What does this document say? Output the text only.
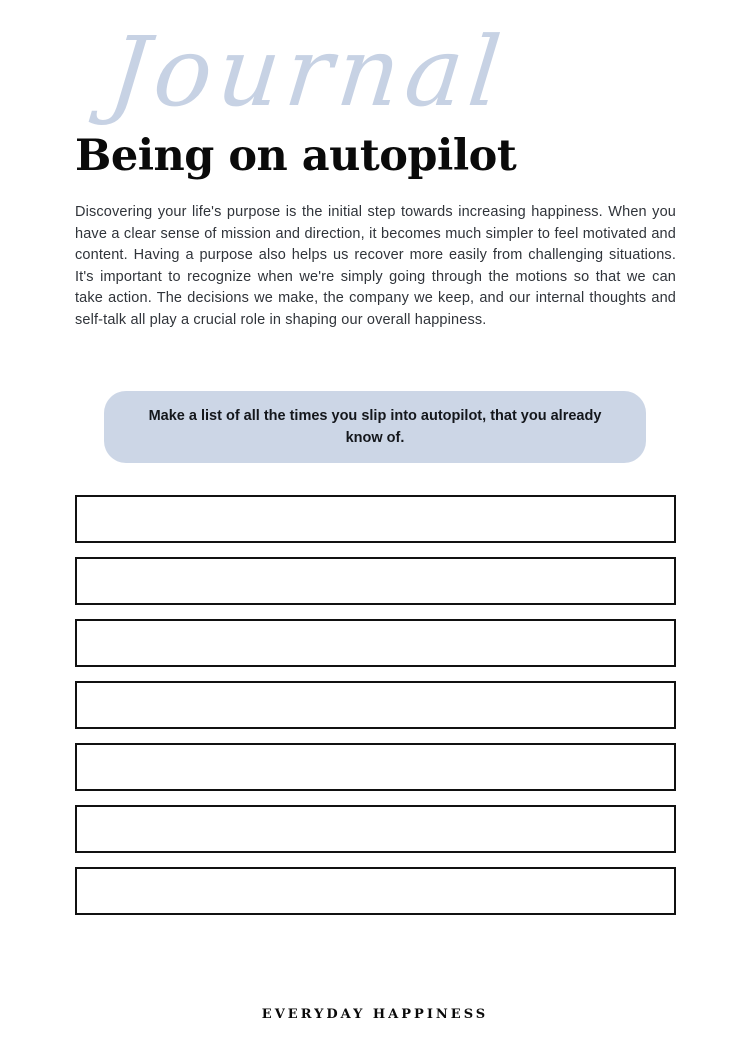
Journal
Being on autopilot
Discovering your life's purpose is the initial step towards increasing happiness. When you have a clear sense of mission and direction, it becomes much simpler to feel motivated and content. Having a purpose also helps us recover more easily from challenging situations. It's important to recognize when we're simply going through the motions so that we can take action. The decisions we make, the company we keep, and our internal thoughts and self-talk all play a crucial role in shaping our overall happiness.
Make a list of all the times you slip into autopilot, that you already know of.
EVERYDAY HAPPINESS
